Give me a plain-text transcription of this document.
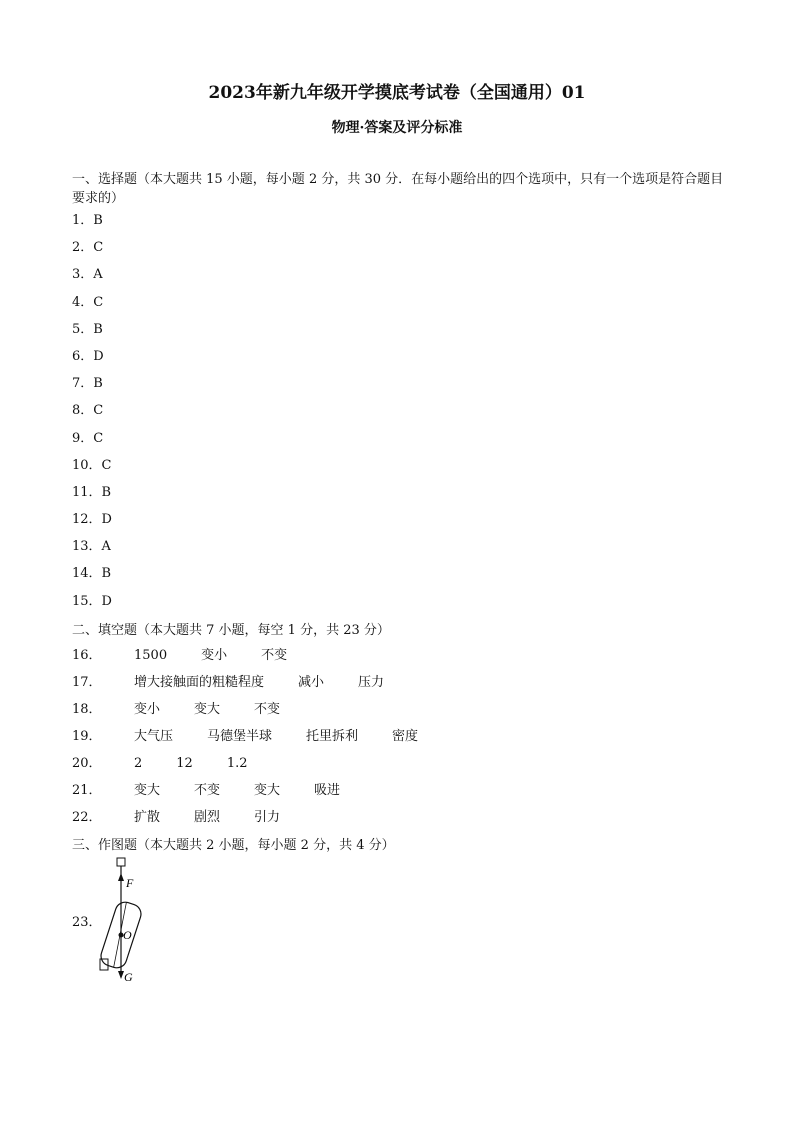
2023年新九年级开学摸底考试卷（全国通用）01
物理·答案及评分标准
一、选择题（本大题共 15 小题，每小题 2 分，共 30 分．在每小题给出的四个选项中，只有一个选项是符合题目要求的）
1．B
2．C
3．A
4．C
5．B
6．D
7．B
8．C
9．C
10．C
11．B
12．D
13．A
14．B
15．D
二、填空题（本大题共 7 小题，每空 1 分，共 23 分）
16． 1500	变小	不变
17． 增大接触面的粗糙程度	减小	压力
18． 变小	变大	不变
19． 大气压	马德堡半球	托里拆利	密度
20． 2	12	1.2
21． 变大	不变	变大	吸进
22． 扩散	剧烈	引力
三、作图题（本大题共 2 小题，每小题 2 分，共 4 分）
23．
F
O
G
